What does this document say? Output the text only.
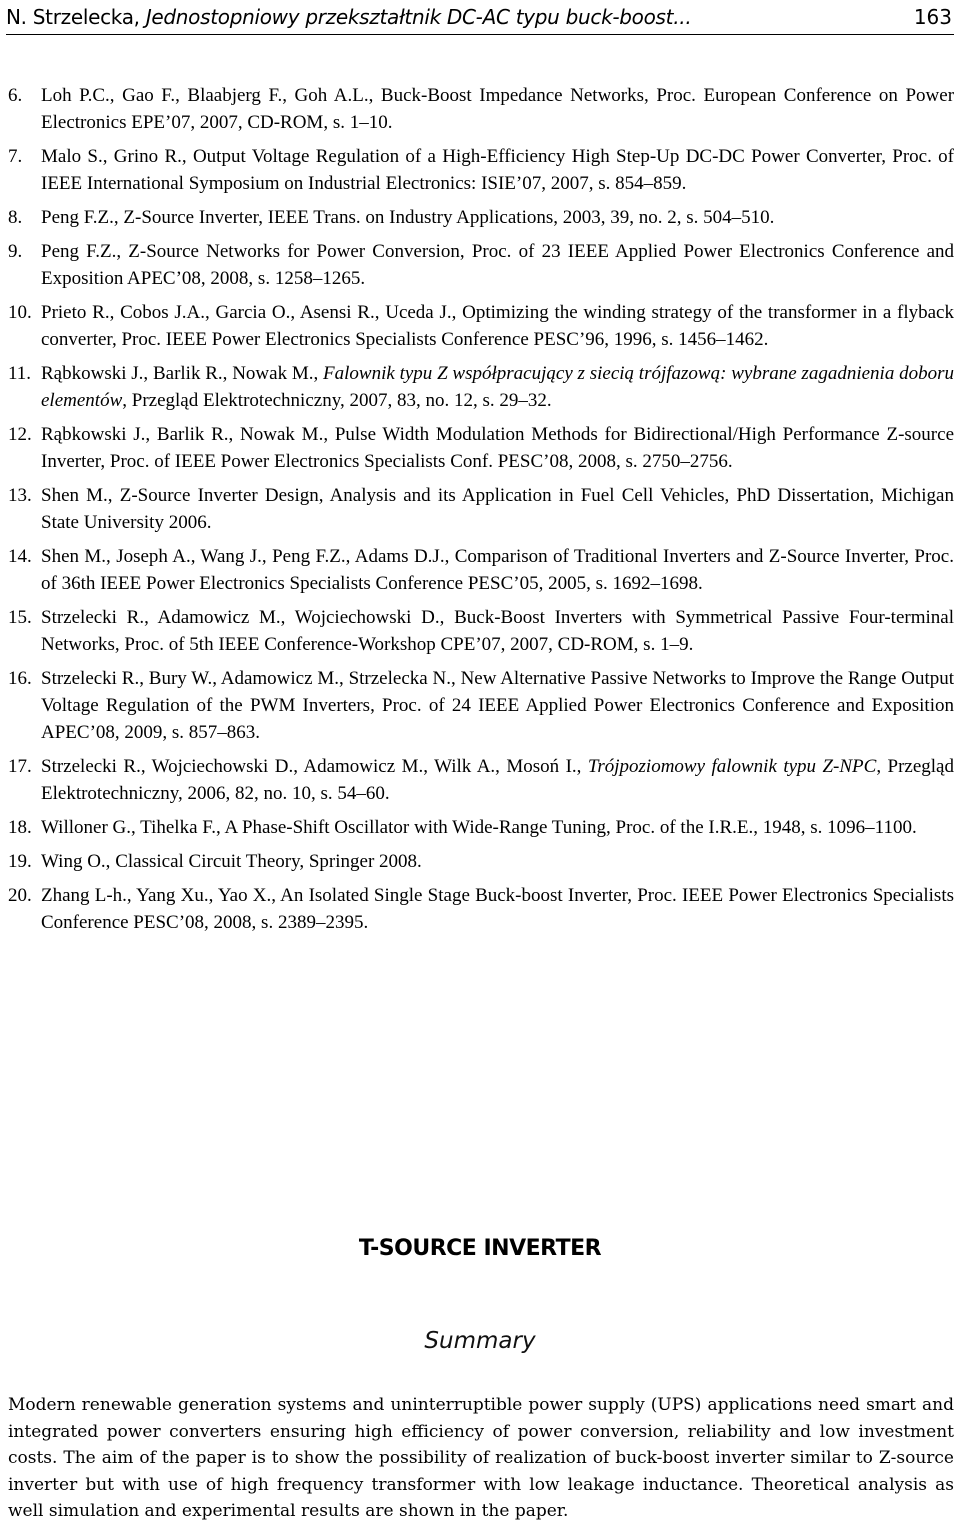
N. Strzelecka, Jednostopniowy przekształtnik DC-AC typu buck-boost...	163
6. Loh P.C., Gao F., Blaabjerg F., Goh A.L., Buck-Boost Impedance Networks, Proc. European Conference on Power Electronics EPE’07, 2007, CD-ROM, s. 1–10.
7. Malo S., Grino R., Output Voltage Regulation of a High-Efficiency High Step-Up DC-DC Power Converter, Proc. of IEEE International Symposium on Industrial Electronics: ISIE’07, 2007, s. 854–859.
8. Peng F.Z., Z-Source Inverter, IEEE Trans. on Industry Applications, 2003, 39, no. 2, s. 504–510.
9. Peng F.Z., Z-Source Networks for Power Conversion, Proc. of 23 IEEE Applied Power Electronics Conference and Exposition APEC’08, 2008, s. 1258–1265.
10. Prieto R., Cobos J.A., Garcia O., Asensi R., Uceda J., Optimizing the winding strategy of the transformer in a flyback converter, Proc. IEEE Power Electronics Specialists Conference PESC’96, 1996, s. 1456–1462.
11. Rąbkowski J., Barlik R., Nowak M., Falownik typu Z współpracujący z siecią trójfazową: wybrane zagadnienia doboru elementów, Przegląd Elektrotechniczny, 2007, 83, no. 12, s. 29–32.
12. Rąbkowski J., Barlik R., Nowak M., Pulse Width Modulation Methods for Bidirectional/High Performance Z-source Inverter, Proc. of IEEE Power Electronics Specialists Conf. PESC’08, 2008, s. 2750–2756.
13. Shen M., Z-Source Inverter Design, Analysis and its Application in Fuel Cell Vehicles, PhD Dissertation, Michigan State University 2006.
14. Shen M., Joseph A., Wang J., Peng F.Z., Adams D.J., Comparison of Traditional Inverters and Z-Source Inverter, Proc. of 36th IEEE Power Electronics Specialists Conference PESC’05, 2005, s. 1692–1698.
15. Strzelecki R., Adamowicz M., Wojciechowski D., Buck-Boost Inverters with Symmetrical Passive Four-terminal Networks, Proc. of 5th IEEE Conference-Workshop CPE’07, 2007, CD-ROM, s. 1–9.
16. Strzelecki R., Bury W., Adamowicz M., Strzelecka N., New Alternative Passive Networks to Improve the Range Output Voltage Regulation of the PWM Inverters, Proc. of 24 IEEE Applied Power Electronics Conference and Exposition APEC’08, 2009, s. 857–863.
17. Strzelecki R., Wojciechowski D., Adamowicz M., Wilk A., Mosoń I., Trójpoziomowy falownik typu Z-NPC, Przegląd Elektrotechniczny, 2006, 82, no. 10, s. 54–60.
18. Willoner G., Tihelka F., A Phase-Shift Oscillator with Wide-Range Tuning, Proc. of the I.R.E., 1948, s. 1096–1100.
19. Wing O., Classical Circuit Theory, Springer 2008.
20. Zhang L-h., Yang Xu., Yao X., An Isolated Single Stage Buck-boost Inverter, Proc. IEEE Power Electronics Specialists Conference PESC’08, 2008, s. 2389–2395.
T-SOURCE INVERTER
Summary
Modern renewable generation systems and uninterruptible power supply (UPS) applications need smart and integrated power converters ensuring high efficiency of power conversion, reliability and low investment costs. The aim of the paper is to show the possibility of realization of buck-boost inverter similar to Z-source inverter but with use of high frequency transformer with low leakage inductance. Theoretical analysis as well simulation and experimental results are shown in the paper.
